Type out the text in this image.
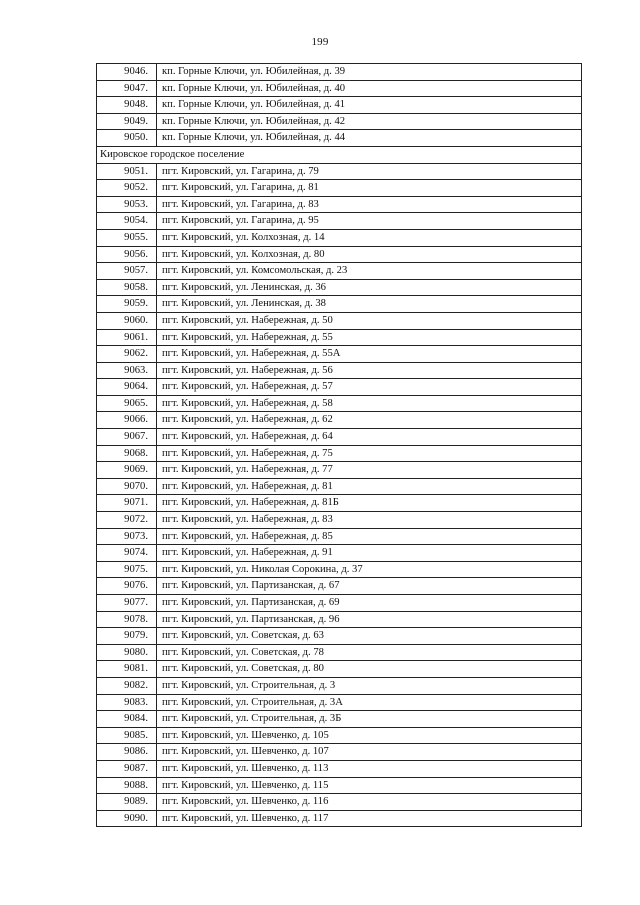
199
9046.	кп. Горные Ключи, ул. Юбилейная, д. 39
9047.	кп. Горные Ключи, ул. Юбилейная, д. 40
9048.	кп. Горные Ключи, ул. Юбилейная, д. 41
9049.	кп. Горные Ключи, ул. Юбилейная, д. 42
9050.	кп. Горные Ключи, ул. Юбилейная, д. 44
Кировское городское поселение	
9051.	пгт. Кировский, ул. Гагарина, д. 79
9052.	пгт. Кировский, ул. Гагарина, д. 81
9053.	пгт. Кировский, ул. Гагарина, д. 83
9054.	пгт. Кировский, ул. Гагарина, д. 95
9055.	пгт. Кировский, ул. Колхозная, д. 14
9056.	пгт. Кировский, ул. Колхозная, д. 80
9057.	пгт. Кировский, ул. Комсомольская, д. 23
9058.	пгт. Кировский, ул. Ленинская, д. 36
9059.	пгт. Кировский, ул. Ленинская, д. 38
9060.	пгт. Кировский, ул. Набережная, д. 50
9061.	пгт. Кировский, ул. Набережная, д. 55
9062.	пгт. Кировский, ул. Набережная, д. 55А
9063.	пгт. Кировский, ул. Набережная, д. 56
9064.	пгт. Кировский, ул. Набережная, д. 57
9065.	пгт. Кировский, ул. Набережная, д. 58
9066.	пгт. Кировский, ул. Набережная, д. 62
9067.	пгт. Кировский, ул. Набережная, д. 64
9068.	пгт. Кировский, ул. Набережная, д. 75
9069.	пгт. Кировский, ул. Набережная, д. 77
9070.	пгт. Кировский, ул. Набережная, д. 81
9071.	пгт. Кировский, ул. Набережная, д. 81Б
9072.	пгт. Кировский, ул. Набережная, д. 83
9073.	пгт. Кировский, ул. Набережная, д. 85
9074.	пгт. Кировский, ул. Набережная, д. 91
9075.	пгт. Кировский, ул. Николая Сорокина, д. 37
9076.	пгт. Кировский, ул. Партизанская, д. 67
9077.	пгт. Кировский, ул. Партизанская, д. 69
9078.	пгт. Кировский, ул. Партизанская, д. 96
9079.	пгт. Кировский, ул. Советская, д. 63
9080.	пгт. Кировский, ул. Советская, д. 78
9081.	пгт. Кировский, ул. Советская, д. 80
9082.	пгт. Кировский, ул. Строительная, д. 3
9083.	пгт. Кировский, ул. Строительная, д. 3А
9084.	пгт. Кировский, ул. Строительная, д. 3Б
9085.	пгт. Кировский, ул. Шевченко, д. 105
9086.	пгт. Кировский, ул. Шевченко, д. 107
9087.	пгт. Кировский, ул. Шевченко, д. 113
9088.	пгт. Кировский, ул. Шевченко, д. 115
9089.	пгт. Кировский, ул. Шевченко, д. 116
9090.	пгт. Кировский, ул. Шевченко, д. 117
